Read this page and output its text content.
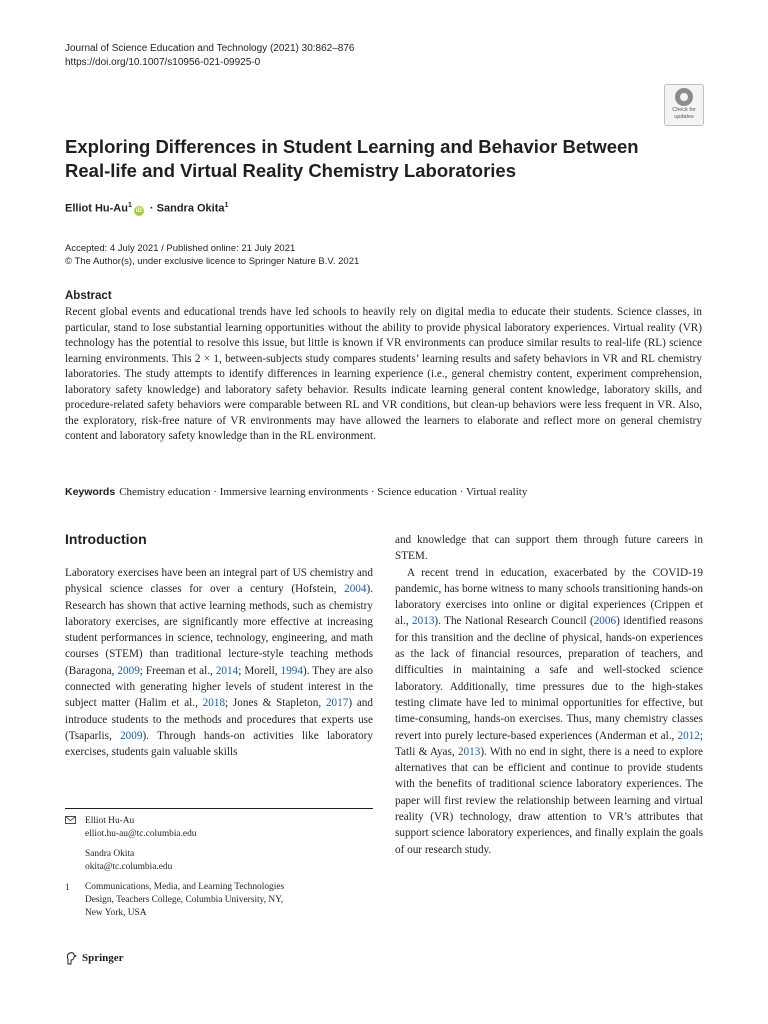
Journal of Science Education and Technology (2021) 30:862–876
https://doi.org/10.1007/s10956-021-09925-0
Check for
updates
Exploring Differences in Student Learning and Behavior Between
Real-life and Virtual Reality Chemistry Laboratories
Elliot $Hu‑Au^1iD$ · Sandra Okita$^1$
Accepted: 4 July 2021 / Published online: 21 July 2021
© The Author(s), under exclusive licence to Springer Nature B.V. 2021
Abstract
Recent global events and educational trends have led schools to heavily rely on digital media to educate their students. Science classes, in particular, stand to lose substantial learning opportunities without the ability to provide physical laboratory experiences. Virtual reality (VR) technology has the potential to resolve this issue, but little is known if VR environments can produce similar results to real-life (RL) science learning environments. This 2 × 1, between-subjects study compares students’ learning results and safety behaviors in VR and RL chemistry laboratories. The study attempts to identify differences in learning experience (i.e., general chemistry content, experiment comprehension, laboratory safety knowledge) and laboratory safety behavior. Results indicate learning general content knowledge, laboratory skills, and procedure-related safety behaviors were comparable between RL and VR conditions, but clean-up behaviors were less frequent in VR. Also, the exploratory, risk-free nature of VR environments may have allowed the learners to elaborate and reflect more on general chemistry content and laboratory safety knowledge than in the RL environment.
Keywords Chemistry education · Immersive learning environments · Science education · Virtual reality
Introduction

Laboratory exercises have been an integral part of US chemistry and physical science classes for over a century (Hofstein, 2004). Research has shown that active learning methods, such as chemistry laboratory exercises, are significantly more effective at increasing student performances in science, technology, engineering, and math courses (STEM) than traditional lecture-style teaching methods (Baragona, 2009; Freeman et al., 2014; Morell, 1994). They are also connected with generating higher levels of student interest in the subject matter (Halim et al., 2018; Jones & Stapleton, 2017) and introduce students to the methods and procedures that experts use (Tsaparlis, 2009). Through hands-on activities like laboratory exercises, students gain valuable skills

and knowledge that can support them through future careers in STEM.

A recent trend in education, exacerbated by the COVID-19 pandemic, has borne witness to many schools transitioning hands-on laboratory exercises into online or digital experiences (Crippen et al., 2013). The National Research Council (2006) identified reasons for this transition and the decline of physical, hands-on experiences as the lack of financial resources, preparation of teachers, and difficulties in maintaining a safe and well-stocked science laboratory. Additionally, time pressures due to the high-stakes testing climate have led to minimal opportunities for effective, but time-consuming, hands-on exercises. Thus, many chemistry classes revert into purely lecture-based experiences (Anderman et al., 2012; Tatli & Ayas, 2013). With no end in sight, there is a need to explore alternatives that can be efficient and continue to provide students with the benefits of traditional science laboratory experiences. The paper will first review the relationship between learning and virtual reality (VR) technology, draw attention to VR’s attributes that support science laboratory experiences, and finally explain the goals of our research study.

Elliot Hu-Au
elliot.hu-au@tc.columbia.edu
Sandra Okita
okita@tc.columbia.edu
1	Communications, Media, and Learning Technologies
Design, Teachers College, Columbia University, NY,
New York, USA
Springer
